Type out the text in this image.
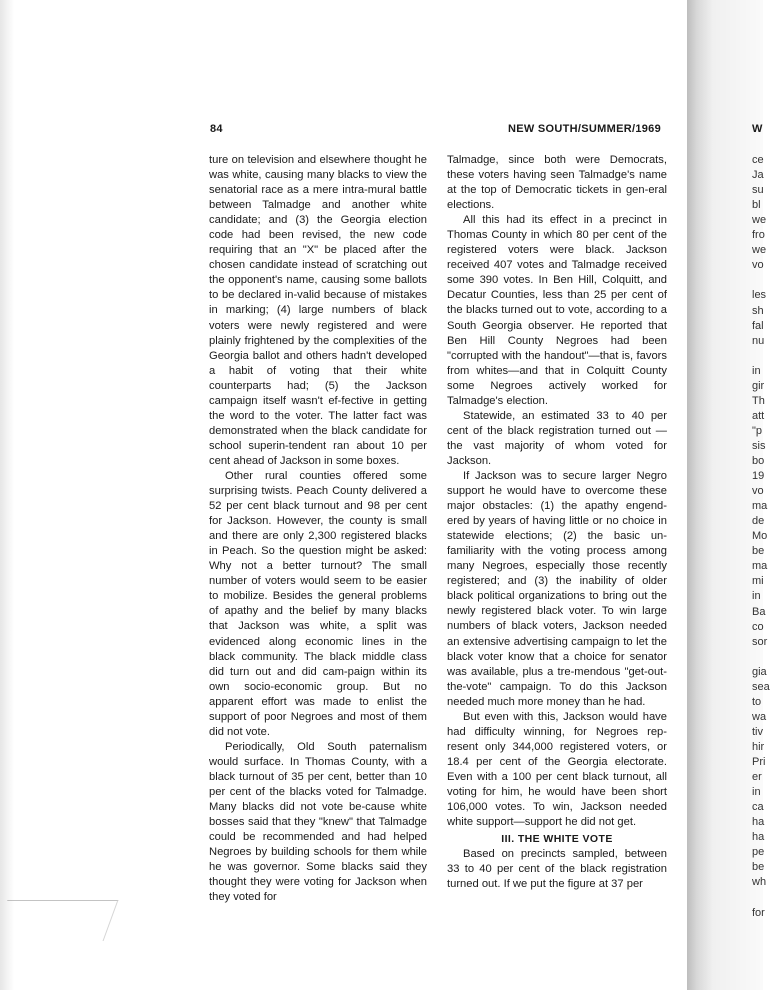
84	NEW SOUTH/SUMMER/1969

ture on television and elsewhere thought he was white, causing many blacks to view the senatorial race as a mere intra-mural battle between Talmadge and another white candidate; and (3) the Georgia election code had been revised, the new code requiring that an "X" be placed after the chosen candidate instead of scratching out the opponent's name, causing some ballots to be declared in-valid because of mistakes in marking; (4) large numbers of black voters were newly registered and were plainly frightened by the complexities of the Georgia ballot and others hadn't developed a habit of voting that their white counterparts had; (5) the Jackson campaign itself wasn't ef-fective in getting the word to the voter. The latter fact was demonstrated when the black candidate for school superin-tendent ran about 10 per cent ahead of Jackson in some boxes.

Other rural counties offered some surprising twists. Peach County delivered a 52 per cent black turnout and 98 per cent for Jackson. However, the county is small and there are only 2,300 registered blacks in Peach. So the question might be asked: Why not a better turnout? The small number of voters would seem to be easier to mobilize. Besides the general problems of apathy and the belief by many blacks that Jackson was white, a split was evidenced along economic lines in the black community. The black middle class did turn out and did cam-paign within its own socio-economic group. But no apparent effort was made to enlist the support of poor Negroes and most of them did not vote.

Periodically, Old South paternalism would surface. In Thomas County, with a black turnout of 35 per cent, better than 10 per cent of the blacks voted for Talmadge. Many blacks did not vote be-cause white bosses said that they "knew" that Talmadge could be recommended and had helped Negroes by building schools for them while he was governor. Some blacks said they thought they were voting for Jackson when they voted for

Talmadge, since both were Democrats, these voters having seen Talmadge's name at the top of Democratic tickets in gen-eral elections.

All this had its effect in a precinct in Thomas County in which 80 per cent of the registered voters were black. Jackson received 407 votes and Talmadge received some 390 votes. In Ben Hill, Colquitt, and Decatur Counties, less than 25 per cent of the blacks turned out to vote, according to a South Georgia observer. He reported that Ben Hill County Negroes had been "corrupted with the handout"—that is, favors from whites—and that in Colquitt County some Negroes actively worked for Talmadge's election.

Statewide, an estimated 33 to 40 per cent of the black registration turned out —the vast majority of whom voted for Jackson.

If Jackson was to secure larger Negro support he would have to overcome these major obstacles: (1) the apathy engend-ered by years of having little or no choice in statewide elections; (2) the basic un-familiarity with the voting process among many Negroes, especially those recently registered; and (3) the inability of older black political organizations to bring out the newly registered black voter. To win large numbers of black voters, Jackson needed an extensive advertising campaign to let the black voter know that a choice for senator was available, plus a tre-mendous "get-out-the-vote" campaign. To do this Jackson needed much more money than he had.

But even with this, Jackson would have had difficulty winning, for Negroes rep-resent only 344,000 registered voters, or 18.4 per cent of the Georgia electorate. Even with a 100 per cent black turnout, all voting for him, he would have been short 106,000 votes. To win, Jackson needed white support—support he did not get.

III. THE WHITE VOTE

Based on precincts sampled, between 33 to 40 per cent of the black registration turned out. If we put the figure at 37 per

W
ce
Ja
su
bl
we
fro
we
vo
les
sh
fal
nu
in
gir
Th
att
"p
sis
bo
19
vo
ma
de
Mo
be
ma
mi
in
Ba
co
sor
gia
sea
to
wa
tiv
hir
Pri
er
in
ca
ha
ha
pe
be
wh
for
